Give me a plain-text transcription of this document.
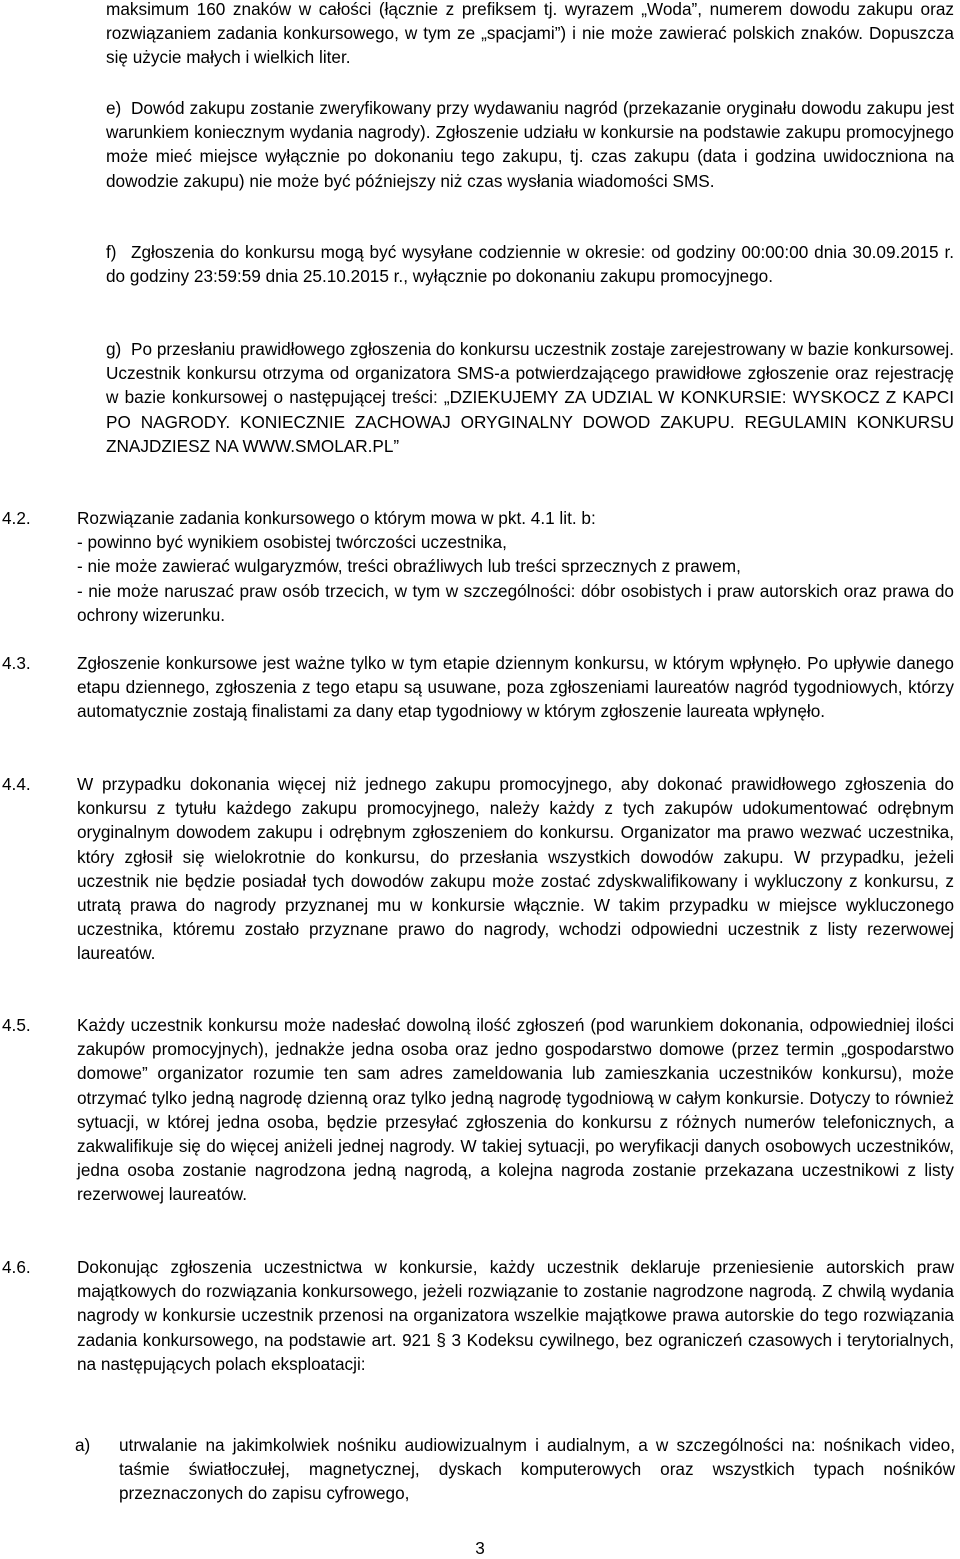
maksimum 160 znaków w całości (łącznie z prefiksem tj. wyrazem „Woda”, numerem dowodu zakupu oraz rozwiązaniem zadania konkursowego, w tym ze „spacjami”) i nie może zawierać polskich znaków. Dopuszcza się użycie małych i wielkich liter.
e) Dowód zakupu zostanie zweryfikowany przy wydawaniu nagród (przekazanie oryginału dowodu zakupu jest warunkiem koniecznym wydania nagrody). Zgłoszenie udziału w konkursie na podstawie zakupu promocyjnego może mieć miejsce wyłącznie po dokonaniu tego zakupu, tj. czas zakupu (data i godzina uwidoczniona na dowodzie zakupu) nie może być późniejszy niż czas wysłania wiadomości SMS.
f) Zgłoszenia do konkursu mogą być wysyłane codziennie w okresie: od godziny 00:00:00 dnia 30.09.2015 r. do godziny 23:59:59 dnia 25.10.2015 r., wyłącznie po dokonaniu zakupu promocyjnego.
g) Po przesłaniu prawidłowego zgłoszenia do konkursu uczestnik zostaje zarejestrowany w bazie konkursowej. Uczestnik konkursu otrzyma od organizatora SMS-a potwierdzającego prawidłowe zgłoszenie oraz rejestrację w bazie konkursowej o następującej treści: „DZIEKUJEMY ZA UDZIAL W KONKURSIE: WYSKOCZ Z KAPCI PO NAGRODY. KONIECZNIE ZACHOWAJ ORYGINALNY DOWOD ZAKUPU. REGULAMIN KONKURSU ZNAJDZIESZ NA WWW.SMOLAR.PL”
4.2.	Rozwiązanie zadania konkursowego o którym mowa w pkt. 4.1 lit. b:
- powinno być wynikiem osobistej twórczości uczestnika,
- nie może zawierać wulgaryzmów, treści obraźliwych lub treści sprzecznych z prawem,
- nie może naruszać praw osób trzecich, w tym w szczególności: dóbr osobistych i praw autorskich oraz prawa do ochrony wizerunku.
4.3.	Zgłoszenie konkursowe jest ważne tylko w tym etapie dziennym konkursu, w którym wpłynęło. Po upływie danego etapu dziennego, zgłoszenia z tego etapu są usuwane, poza zgłoszeniami laureatów nagród tygodniowych, którzy automatycznie zostają finalistami za dany etap tygodniowy w którym zgłoszenie laureata wpłynęło.
4.4.	W przypadku dokonania więcej niż jednego zakupu promocyjnego, aby dokonać prawidłowego zgłoszenia do konkursu z tytułu każdego zakupu promocyjnego, należy każdy z tych zakupów udokumentować odrębnym oryginalnym dowodem zakupu i odrębnym zgłoszeniem do konkursu. Organizator ma prawo wezwać uczestnika, który zgłosił się wielokrotnie do konkursu, do przesłania wszystkich dowodów zakupu. W przypadku, jeżeli uczestnik nie będzie posiadał tych dowodów zakupu może zostać zdyskwalifikowany i wykluczony z konkursu, z utratą prawa do nagrody przyznanej mu w konkursie włącznie. W takim przypadku w miejsce wykluczonego uczestnika, któremu zostało przyznane prawo do nagrody, wchodzi odpowiedni uczestnik z listy rezerwowej laureatów.
4.5.	Każdy uczestnik konkursu może nadesłać dowolną ilość zgłoszeń (pod warunkiem dokonania, odpowiedniej ilości zakupów promocyjnych), jednakże jedna osoba oraz jedno gospodarstwo domowe (przez termin „gospodarstwo domowe” organizator rozumie ten sam adres zameldowania lub zamieszkania uczestników konkursu), może otrzymać tylko jedną nagrodę dzienną oraz tylko jedną nagrodę tygodniową w całym konkursie. Dotyczy to również sytuacji, w której jedna osoba, będzie przesyłać zgłoszenia do konkursu z różnych numerów telefonicznych, a zakwalifikuje się do więcej aniżeli jednej nagrody. W takiej sytuacji, po weryfikacji danych osobowych uczestników, jedna osoba zostanie nagrodzona jedną nagrodą, a kolejna nagroda zostanie przekazana uczestnikowi z listy rezerwowej laureatów.
4.6.	Dokonując zgłoszenia uczestnictwa w konkursie, każdy uczestnik deklaruje przeniesienie autorskich praw majątkowych do rozwiązania konkursowego, jeżeli rozwiązanie to zostanie nagrodzone nagrodą. Z chwilą wydania nagrody w konkursie uczestnik przenosi na organizatora wszelkie majątkowe prawa autorskie do tego rozwiązania zadania konkursowego, na podstawie art. 921 § 3 Kodeksu cywilnego, bez ograniczeń czasowych i terytorialnych, na następujących polach eksploatacji:
a) utrwalanie na jakimkolwiek nośniku audiowizualnym i audialnym, a w szczególności na: nośnikach video, taśmie światłoczułej, magnetycznej, dyskach komputerowych oraz wszystkich typach nośników przeznaczonych do zapisu cyfrowego,
3
